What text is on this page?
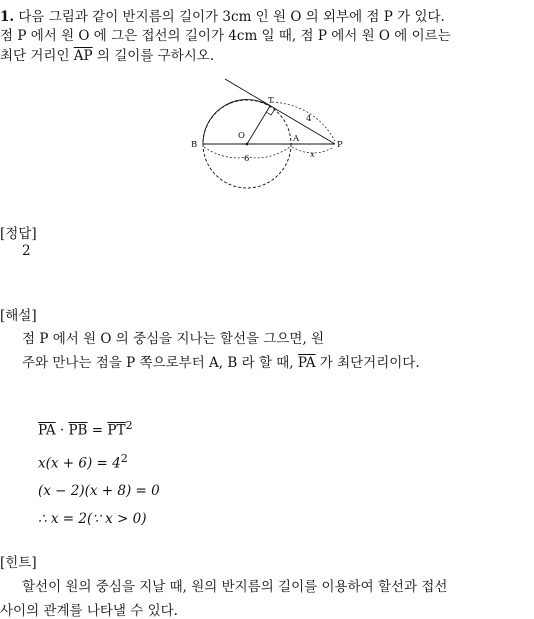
1. 다음 그림과 같이 반지름의 길이가 3cm 인 원 O 의 외부에 점 P 가 있다.
점 P 에서 원 O 에 그은 접선의 길이가 4cm 일 때, 점 P 에서 원 O 에 이르는
최단 거리인 $\overline{AP}$ 의 길이를 구하시오.
T
O	A
B	P
4
6	x
[정답]
2
[해설]
점 P 에서 원 O 의 중심을 지나는 할선을 그으면, 원
주와 만나는 점을 P 쪽으로부터 A, B 라 할 때, $\overline{PA}$ 가 최단거리이다.
$\overline{PA} \cdot \overline{PB} = \overline{PT}^2$
$x(x + 6) = 4^2$
(x − 2)(x + 8) = 0
∴ x = 2(∵ x > 0)
[힌트]
할선이 원의 중심을 지날 때, 원의 반지름의 길이를 이용하여 할선과 접선
사이의 관계를 나타낼 수 있다.
